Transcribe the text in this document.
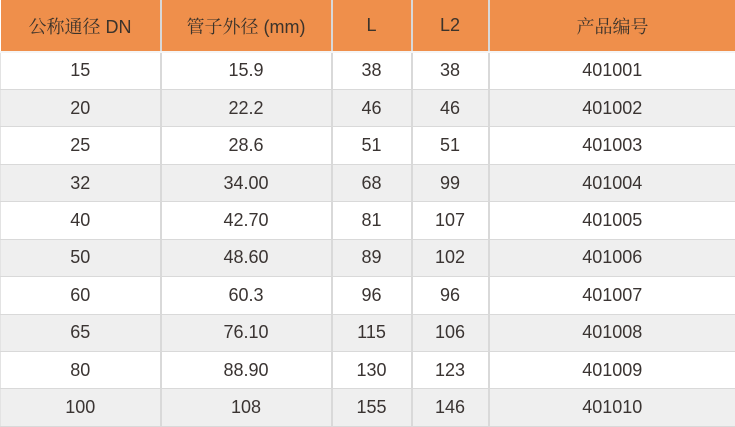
公称通径 DN	管子外径 (mm)	L	L2	产品编号
15	15.9	38	38	401001
20	22.2	46	46	401002
25	28.6	51	51	401003
32	34.00	68	99	401004
40	42.70	81	107	401005
50	48.60	89	102	401006
60	60.3	96	96	401007
65	76.10	115	106	401008
80	88.90	130	123	401009
100	108	155	146	401010
